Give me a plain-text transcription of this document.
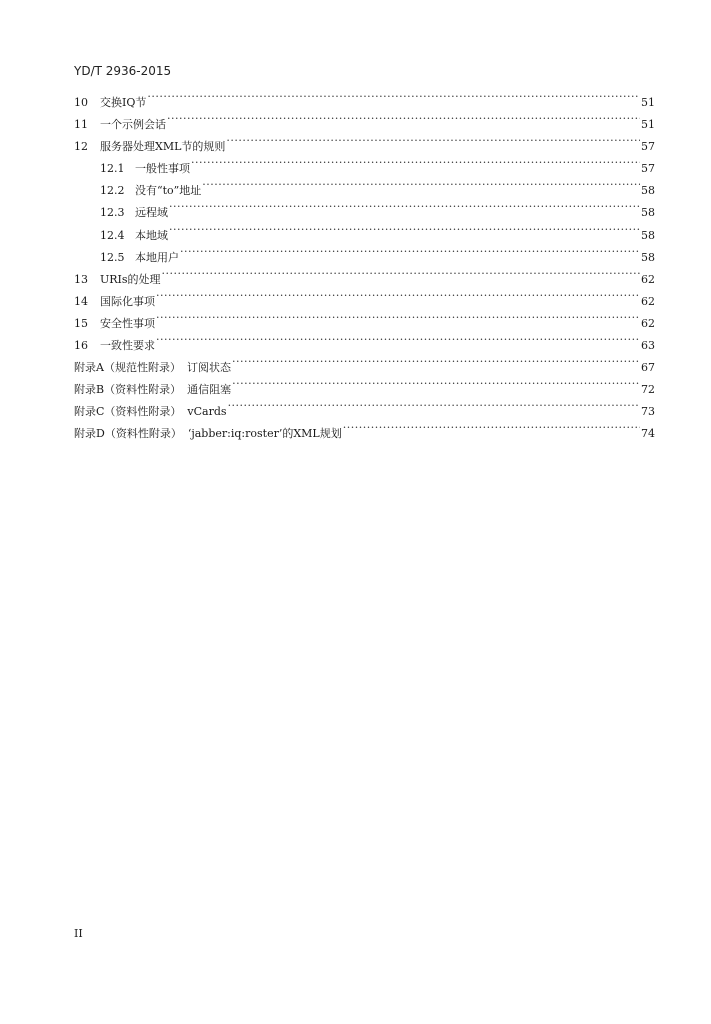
YD/T 2936-2015
10	交换IQ节 ·····	51
11	一个示例会话 ·····	51
12	服务器处理XML节的规则 ·····	57
12.1 一般性事项 ·····	57
12.2 没有“to”地址 ·····	58
12.3 远程域 ·····	58
12.4 本地域 ·····	58
12.5 本地用户 ·····	58
13	URIs的处理 ·····	62
14	国际化事项 ·····	62
15	安全性事项 ·····	62
16	一致性要求 ·····	63
附录A（规范性附录） 订阅状态 ·····	67
附录B（资料性附录） 通信阻塞 ·····	72
附录C（资料性附录） vCards ·····	73
附录D（资料性附录） ‘jabber:iq:roster’的XML规划 ·····	74
II
